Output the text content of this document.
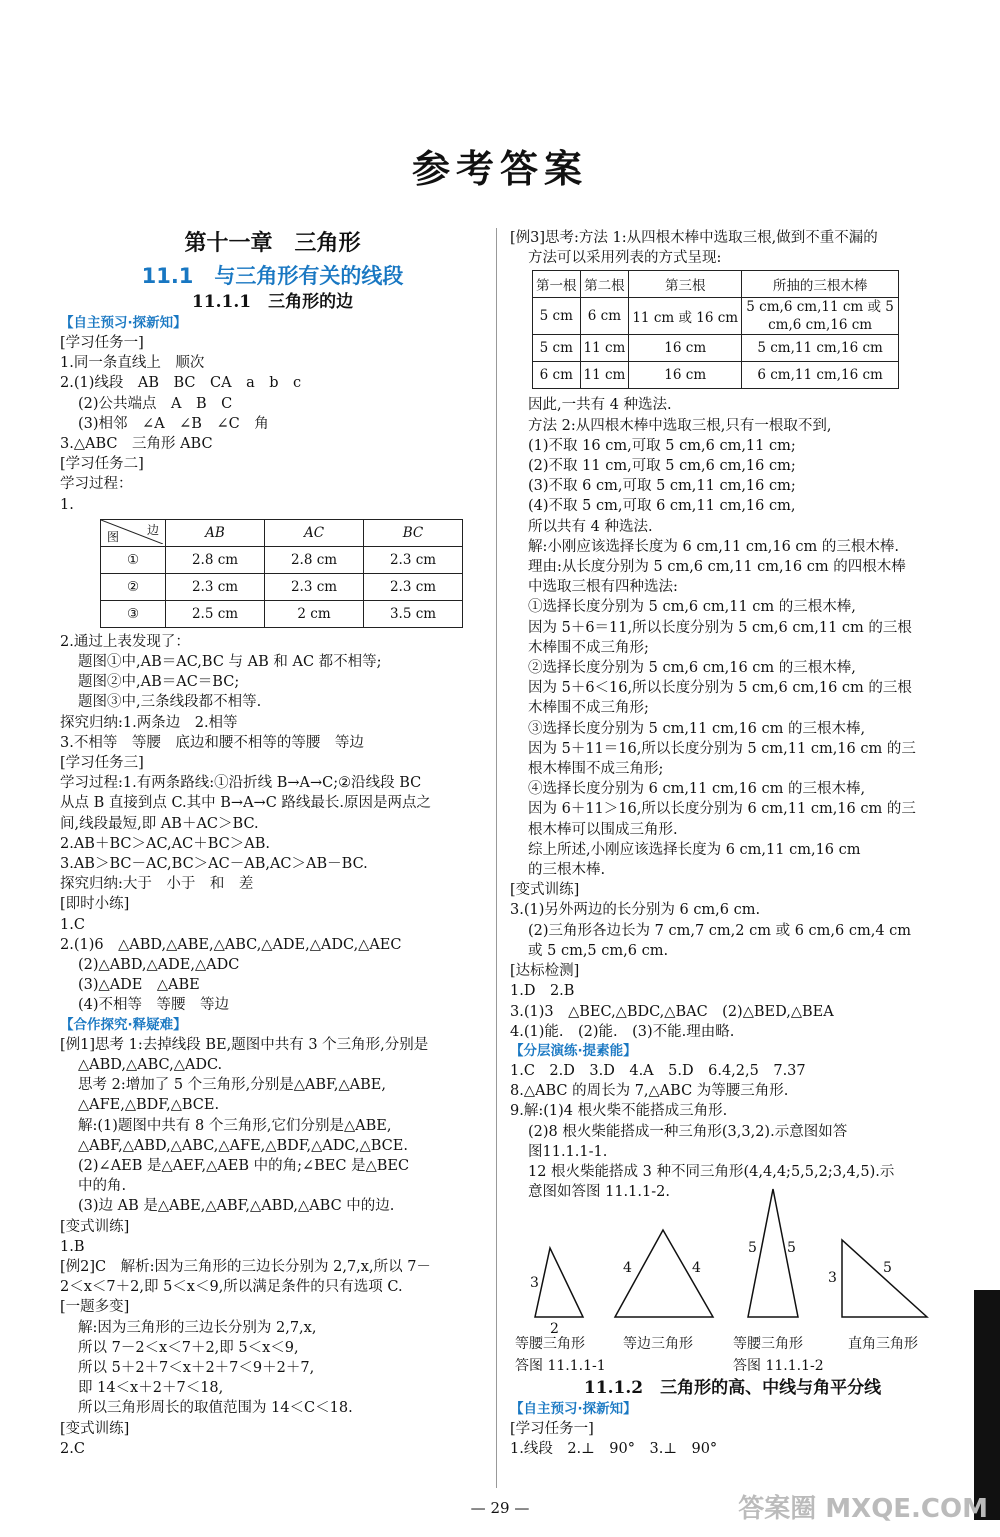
参考答案
第十一章　三角形
11.1　与三角形有关的线段
11.1.1　三角形的边
【自主预习·探新知】
[学习任务一]
1.同一条直线上　顺次
2.(1)线段　AB　BC　CA　a　b　c
(2)公共端点　A　B　C
(3)相邻　∠A　∠B　∠C　角
3.△ABC　三角形 ABC
[学习任务二]
学习过程：
1.
边
图	AB	AC	BC
①	2.8 cm	2.8 cm	2.3 cm
②	2.3 cm	2.3 cm	2.3 cm
③	2.5 cm	2 cm	3.5 cm
2.通过上表发现了：
题图①中,AB＝AC,BC 与 AB 和 AC 都不相等;
题图②中,AB＝AC＝BC;
题图③中,三条线段都不相等.
探究归纳:1.两条边　2.相等
3.不相等　等腰　底边和腰不相等的等腰　等边
[学习任务三]
学习过程:1.有两条路线:①沿折线 B→A→C;②沿线段 BC
从点 B 直接到点 C.其中 B→A→C 路线最长.原因是两点之
间,线段最短,即 AB＋AC＞BC.
2.AB＋BC＞AC,AC＋BC＞AB.
3.AB＞BC－AC,BC＞AC－AB,AC＞AB－BC.
探究归纳:大于　小于　和　差
[即时小练]
1.C
2.(1)6　△ABD,△ABE,△ABC,△ADE,△ADC,△AEC
(2)△ABD,△ADE,△ADC
(3)△ADE　△ABE
(4)不相等　等腰　等边
【合作探究·释疑难】
[例1]思考 1:去掉线段 BE,题图中共有 3 个三角形,分别是
△ABD,△ABC,△ADC.
思考 2:增加了 5 个三角形,分别是△ABF,△ABE,
△AFE,△BDF,△BCE.
解:(1)题图中共有 8 个三角形,它们分别是△ABE,
△ABF,△ABD,△ABC,△AFE,△BDF,△ADC,△BCE.
(2)∠AEB 是△AEF,△AEB 中的角;∠BEC 是△BEC
中的角.
(3)边 AB 是△ABE,△ABF,△ABD,△ABC 中的边.
[变式训练]
1.B
[例2]C　解析:因为三角形的三边长分别为 2,7,x,所以 7－
2＜x＜7＋2,即 5＜x＜9,所以满足条件的只有选项 C.
[一题多变]
解:因为三角形的三边长分别为 2,7,x,
所以 7－2＜x＜7＋2,即 5＜x＜9,
所以 5＋2＋7＜x＋2＋7＜9＋2＋7,
即 14＜x＋2＋7＜18,
所以三角形周长的取值范围为 14＜C＜18.
[变式训练]
2.C
[例3]思考:方法 1:从四根木棒中选取三根,做到不重不漏的
方法可以采用列表的方式呈现:
第一根	第二根	第三根	所抽的三根木棒
5 cm	6 cm	11 cm 或 16 cm	5 cm,6 cm,11 cm 或 5 cm,6 cm,16 cm
5 cm	11 cm	16 cm	5 cm,11 cm,16 cm
6 cm	11 cm	16 cm	6 cm,11 cm,16 cm
因此,一共有 4 种选法.
方法 2:从四根木棒中选取三根,只有一根取不到,
(1)不取 16 cm,可取 5 cm,6 cm,11 cm;
(2)不取 11 cm,可取 5 cm,6 cm,16 cm;
(3)不取 6 cm,可取 5 cm,11 cm,16 cm;
(4)不取 5 cm,可取 6 cm,11 cm,16 cm,
所以共有 4 种选法.
解:小刚应该选择长度为 6 cm,11 cm,16 cm 的三根木棒.
理由:从长度分别为 5 cm,6 cm,11 cm,16 cm 的四根木棒
中选取三根有四种选法:
①选择长度分别为 5 cm,6 cm,11 cm 的三根木棒,
因为 5＋6＝11,所以长度分别为 5 cm,6 cm,11 cm 的三根
木棒围不成三角形;
②选择长度分别为 5 cm,6 cm,16 cm 的三根木棒,
因为 5＋6＜16,所以长度分别为 5 cm,6 cm,16 cm 的三根
木棒围不成三角形;
③选择长度分别为 5 cm,11 cm,16 cm 的三根木棒,
因为 5＋11＝16,所以长度分别为 5 cm,11 cm,16 cm 的三
根木棒围不成三角形;
④选择长度分别为 6 cm,11 cm,16 cm 的三根木棒,
因为 6＋11＞16,所以长度分别为 6 cm,11 cm,16 cm 的三
根木棒可以围成三角形.
综上所述,小刚应该选择长度为 6 cm,11 cm,16 cm
的三根木棒.
[变式训练]
3.(1)另外两边的长分别为 6 cm,6 cm.
(2)三角形各边长为 7 cm,7 cm,2 cm 或 6 cm,6 cm,4 cm
或 5 cm,5 cm,6 cm.
[达标检测]
1.D　2.B
3.(1)3　△BEC,△BDC,△BAC　(2)△BED,△BEA
4.(1)能.　(2)能.　(3)不能.理由略.
【分层演练·提素能】
1.C　2.D　3.D　4.A　5.D　6.4,2,5　7.37
8.△ABC 的周长为 7,△ABC 为等腰三角形.
9.解:(1)4 根火柴不能搭成三角形.
(2)8 根火柴能搭成一种三角形(3,3,2).示意图如答
图11.1.1-1.
12 根火柴能搭成 3 种不同三角形(4,4,4;5,5,2;3,4,5).示
意图如答图 11.1.1-2.
3
2
4	4
5 5
3
5
等腰三角形	等边三角形	等腰三角形	直角三角形
答图 11.1.1-1	答图 11.1.1-2
11.1.2　三角形的高、中线与角平分线
【自主预习·探新知】
[学习任务一]
1.线段　2.⊥　90°　3.⊥　90°
— 29 —	答案圈 MXQE.COM
